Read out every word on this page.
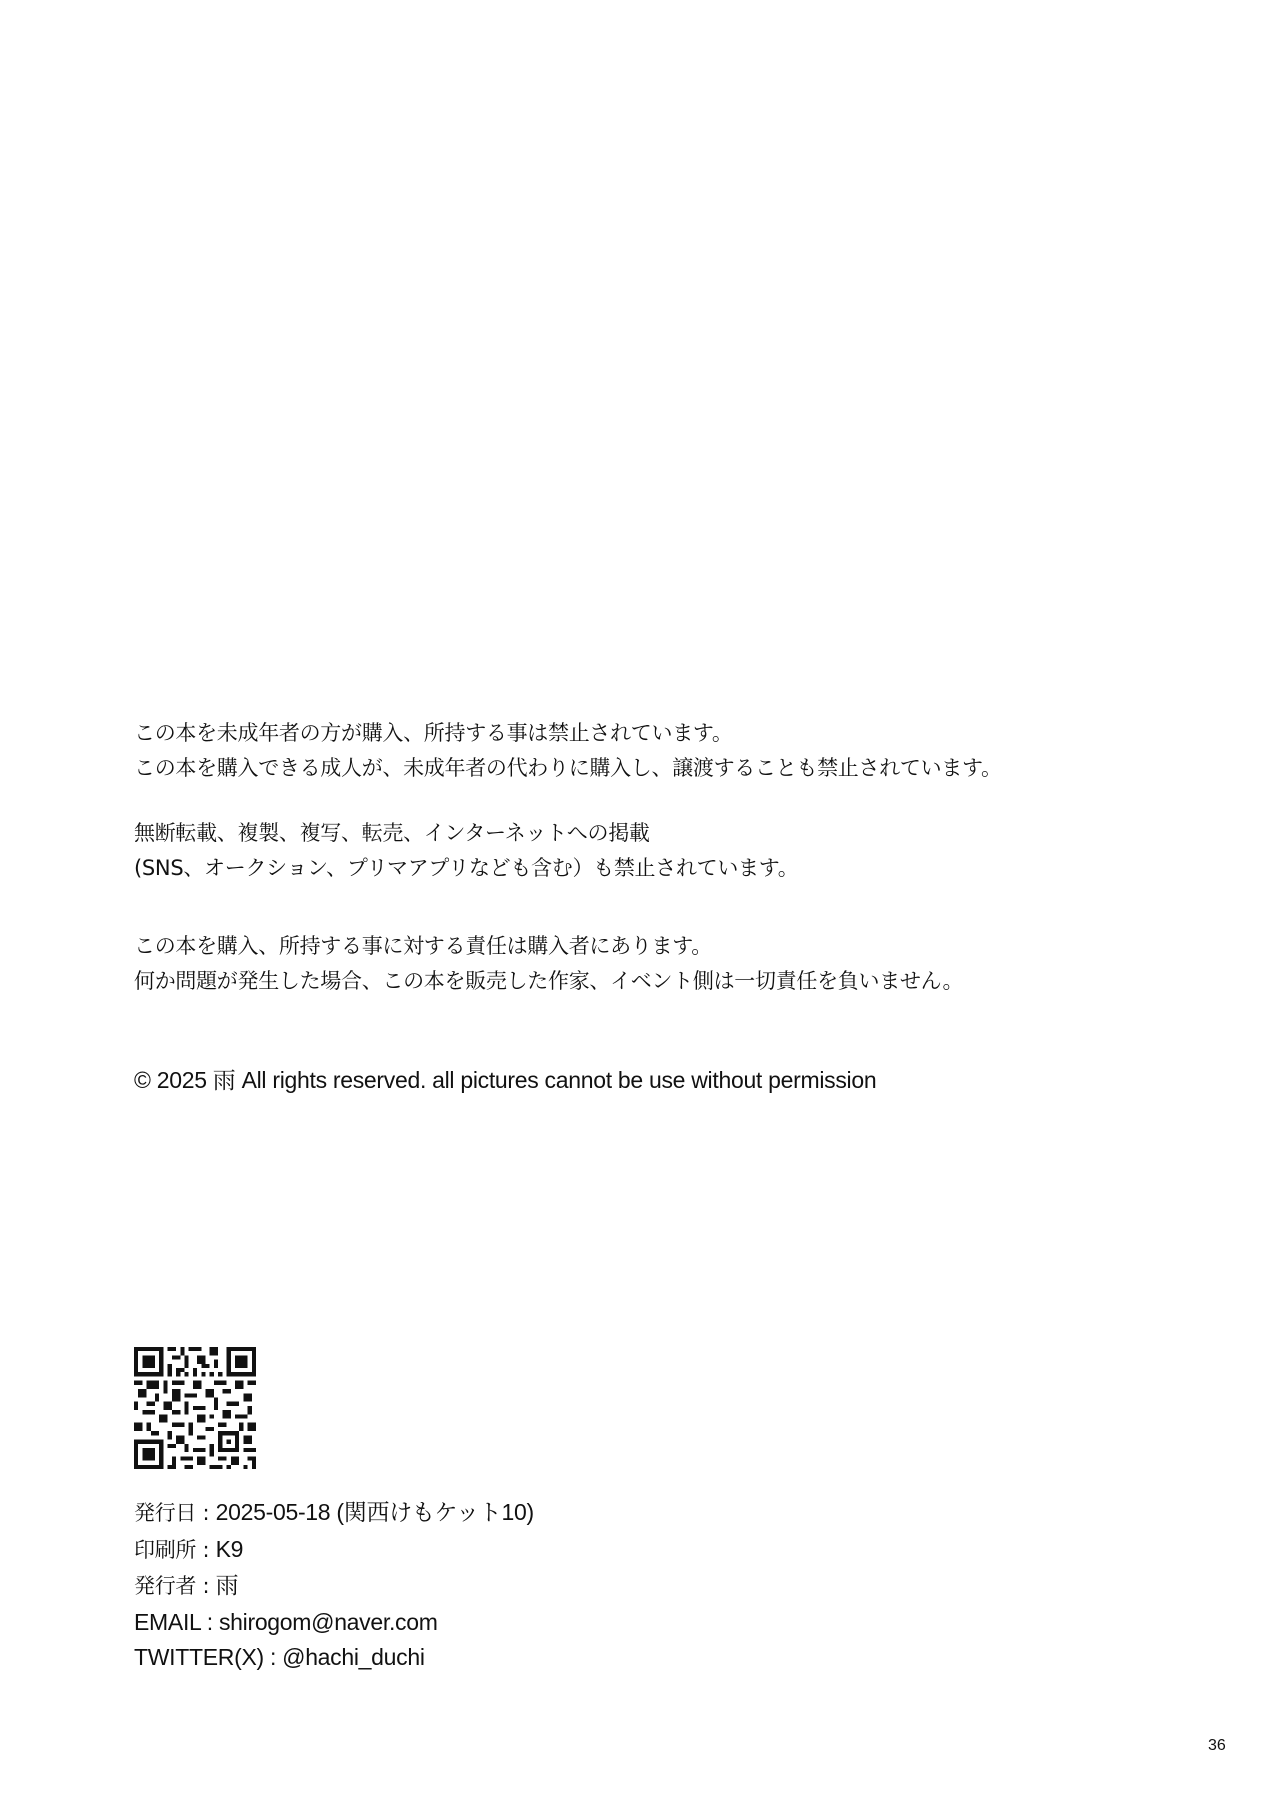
この本を未成年者の方が購入、所持する事は禁止されています。
この本を購入できる成人が、未成年者の代わりに購入し、譲渡することも禁止されています。
無断転載、複製、複写、転売、インターネットへの掲載
(SNS、オークション、プリマアプリなども含む）も禁止されています。
この本を購入、所持する事に対する責任は購入者にあります。
何か問題が発生した場合、この本を販売した作家、イベント側は一切責任を負いません。
© 2025 雨 All rights reserved. all pictures cannot be use without permission
発行日 : 2025-05-18 (関西けもケット10)
印刷所 : K9
発行者 : 雨
EMAIL : shirogom@naver.com
TWITTER(X) : @hachi_duchi
36
